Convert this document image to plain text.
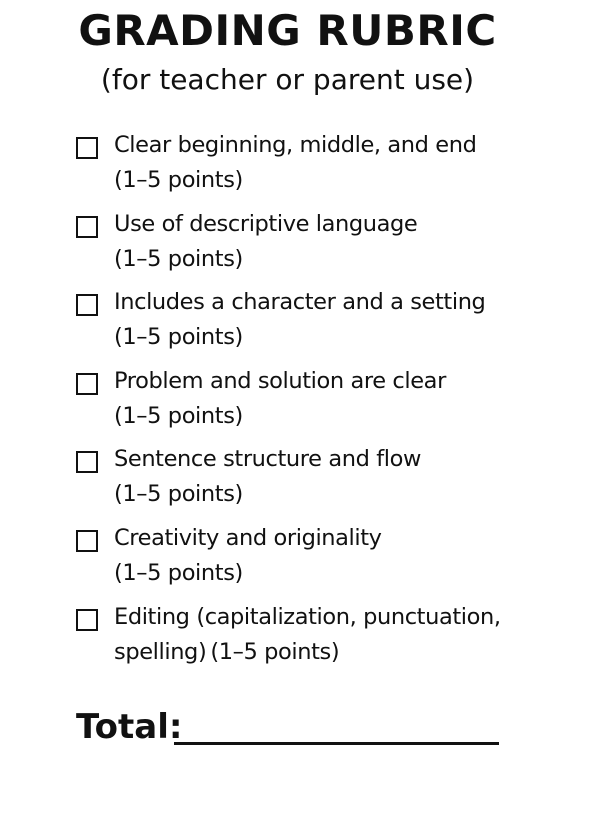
GRADING RUBRIC
(for teacher or parent use)
Clear beginning, middle, and end
(1–5 points)
Use of descriptive language
(1–5 points)
Includes a character and a setting
(1–5 points)
Problem and solution are clear
(1–5 points)
Sentence structure and flow
(1–5 points)
Creativity and originality
(1–5 points)
Editing (capitalization, punctuation,
spelling) (1–5 points)
Total:
